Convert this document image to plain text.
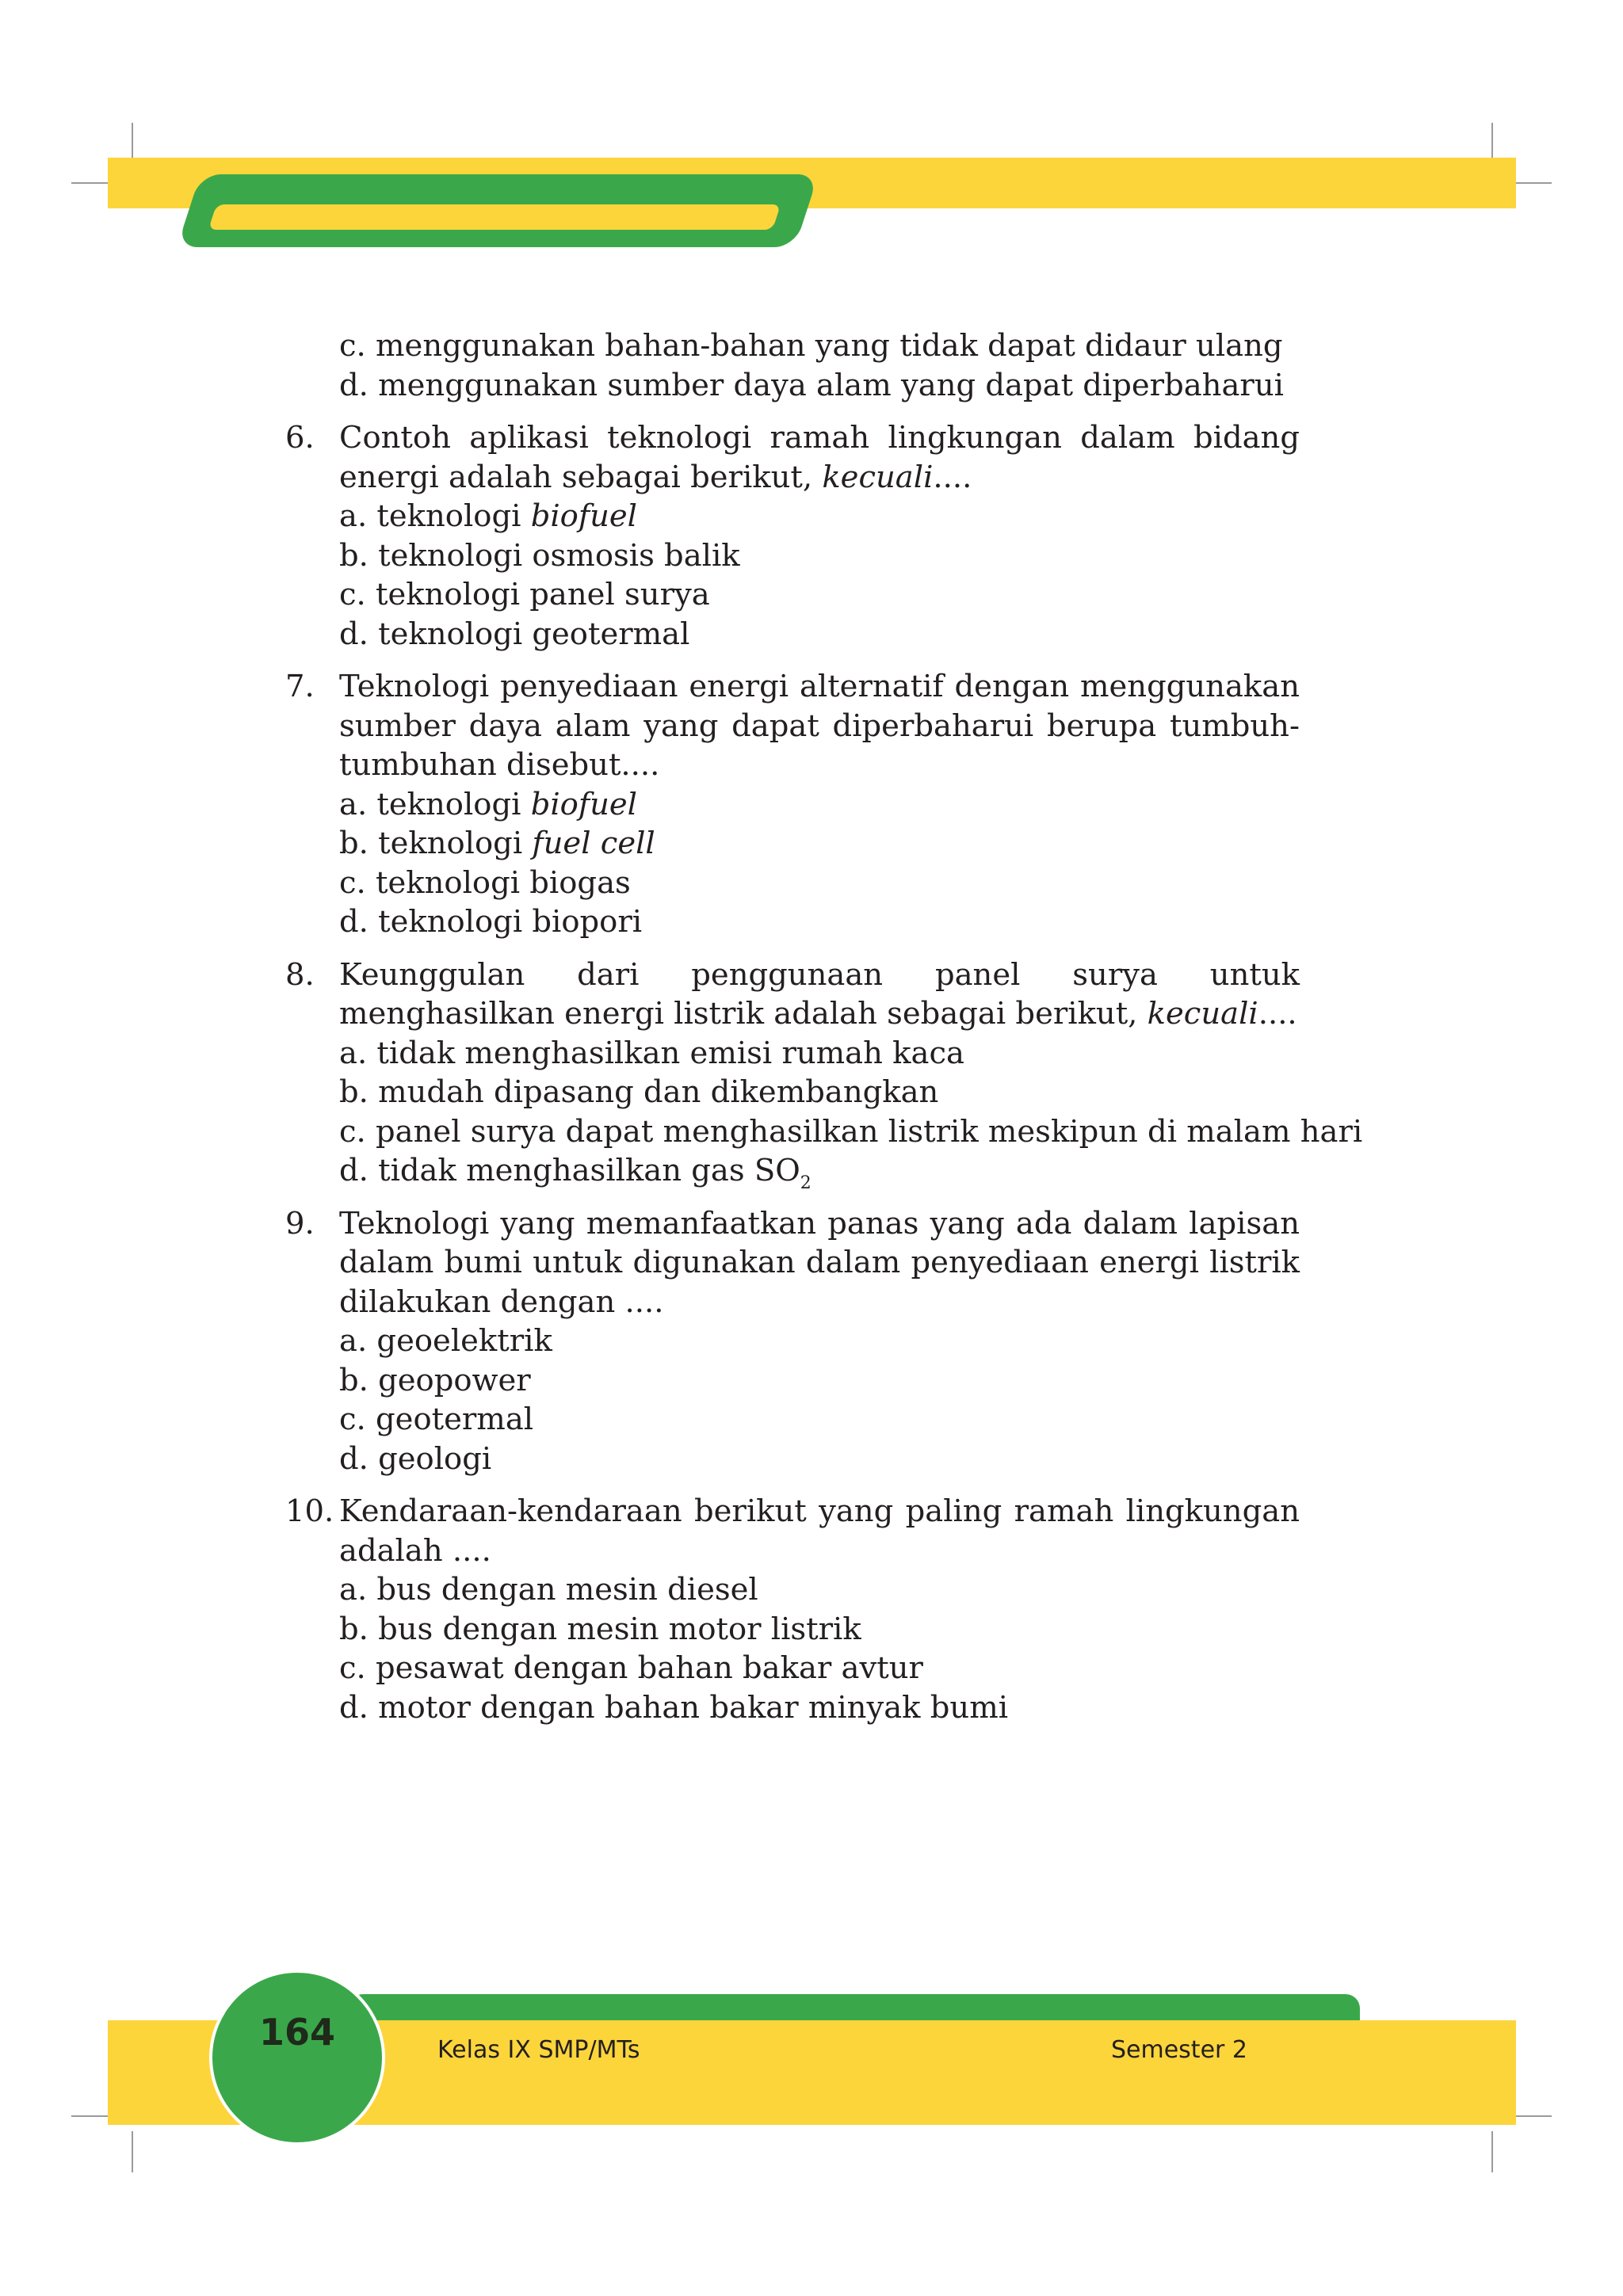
c. menggunakan bahan-bahan yang tidak dapat didaur ulang
d. menggunakan sumber daya alam yang dapat diperbaharui
6. Contoh aplikasi teknologi ramah lingkungan dalam bidang energi adalah sebagai berikut, kecuali....
a. teknologi biofuel
b. teknologi osmosis balik
c. teknologi panel surya
d. teknologi geotermal
7. Teknologi penyediaan energi alternatif dengan menggunakan sumber daya alam yang dapat diperbaharui berupa tumbuh-tumbuhan disebut....
a. teknologi biofuel
b. teknologi fuel cell
c. teknologi biogas
d. teknologi biopori
8. Keunggulan dari penggunaan panel surya untuk menghasilkan energi listrik adalah sebagai berikut, kecuali....
a. tidak menghasilkan emisi rumah kaca
b. mudah dipasang dan dikembangkan
c. panel surya dapat menghasilkan listrik meskipun di malam hari
d. tidak menghasilkan gas $SO_2$
9. Teknologi yang memanfaatkan panas yang ada dalam lapisan dalam bumi untuk digunakan dalam penyediaan energi listrik dilakukan dengan ....
a. geoelektrik
b. geopower
c. geotermal
d. geologi
10. Kendaraan-kendaraan berikut yang paling ramah lingkungan adalah ....
a. bus dengan mesin diesel
b. bus dengan mesin motor listrik
c. pesawat dengan bahan bakar avtur
d. motor dengan bahan bakar minyak bumi
164	Kelas IX SMP/MTs	Semester 2
